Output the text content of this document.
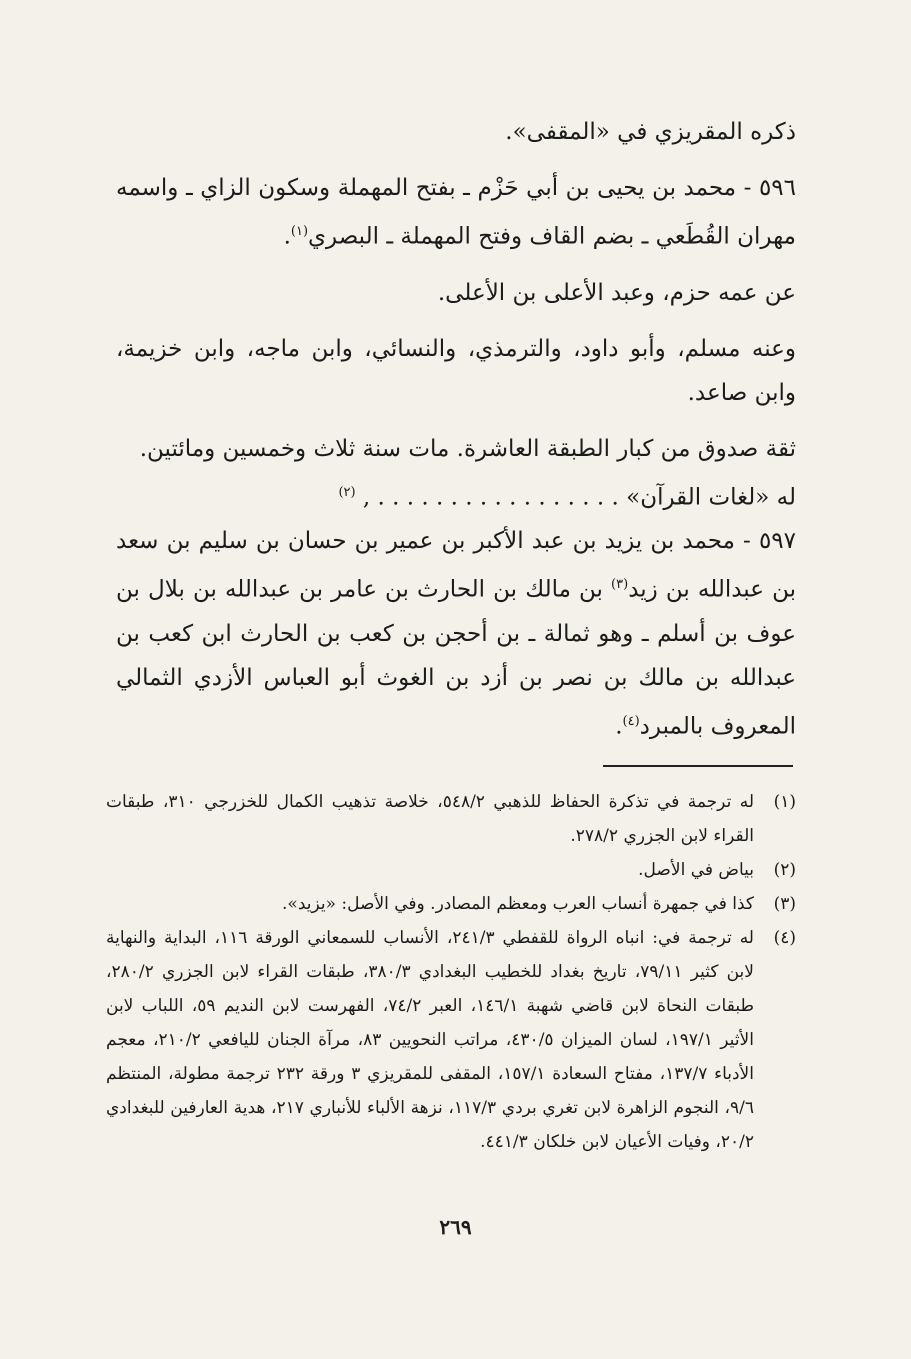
ذكره المقريزي في «المقفى».

٥٩٦ - محمد بن يحيى بن أبي حَزْم ـ بفتح المهملة وسكون الزاي ـ واسمه مهران القُطَعي ـ بضم القاف وفتح المهملة ـ البصري$^{(١)}$.

عن عمه حزم، وعبد الأعلى بن الأعلى.

وعنه مسلم، وأبو داود، والترمذي، والنسائي، وابن ماجه، وابن خزيمة، وابن صاعد.

ثقة صدوق من كبار الطبقة العاشرة. مات سنة ثلاث وخمسين ومائتين.

له «لغات القرآن» . . . . . . . . . . . . . . . . . , $^{(٢)}$

٥٩٧ - محمد بن يزيد بن عبد الأكبر بن عمير بن حسان بن سليم بن سعد بن عبدالله بن زيد$^{(٣)}$ بن مالك بن الحارث بن عامر بن عبدالله بن بلال بن عوف بن أسلم ـ وهو ثمالة ـ بن أحجن بن كعب بن الحارث ابن كعب بن عبدالله بن مالك بن نصر بن أزد بن الغوث أبو العباس الأزدي الثمالي المعروف بالمبرد$^{(٤)}$.

(١)
له ترجمة في تذكرة الحفاظ للذهبي ٥٤٨/٢، خلاصة تذهيب الكمال للخزرجي ٣١٠، طبقات القراء لابن الجزري ٢٧٨/٢.
(٢)
بياض في الأصل.
(٣)
كذا في جمهرة أنساب العرب ومعظم المصادر. وفي الأصل: «يزيد».
(٤)
له ترجمة في: انباه الرواة للقفطي ٢٤١/٣، الأنساب للسمعاني الورقة ١١٦، البداية والنهاية لابن كثير ٧٩/١١، تاريخ بغداد للخطيب البغدادي ٣٨٠/٣، طبقات القراء لابن الجزري ٢٨٠/٢، طبقات النحاة لابن قاضي شهبة ١٤٦/١، العبر ٧٤/٢، الفهرست لابن النديم ٥٩، اللباب لابن الأثير ١٩٧/١، لسان الميزان ٤٣٠/٥، مراتب النحويين ٨٣، مرآة الجنان لليافعي ٢١٠/٢، معجم الأدباء ١٣٧/٧، مفتاح السعادة ١٥٧/١، المقفى للمقريزي ٣ ورقة ٢٣٢ ترجمة مطولة، المنتظم ٩/٦، النجوم الزاهرة لابن تغري بردي ١١٧/٣، نزهة الألباء للأنباري ٢١٧، هدية العارفين للبغدادي ٢٠/٢، وفيات الأعيان لابن خلكان ٤٤١/٣.
٢٦٩
